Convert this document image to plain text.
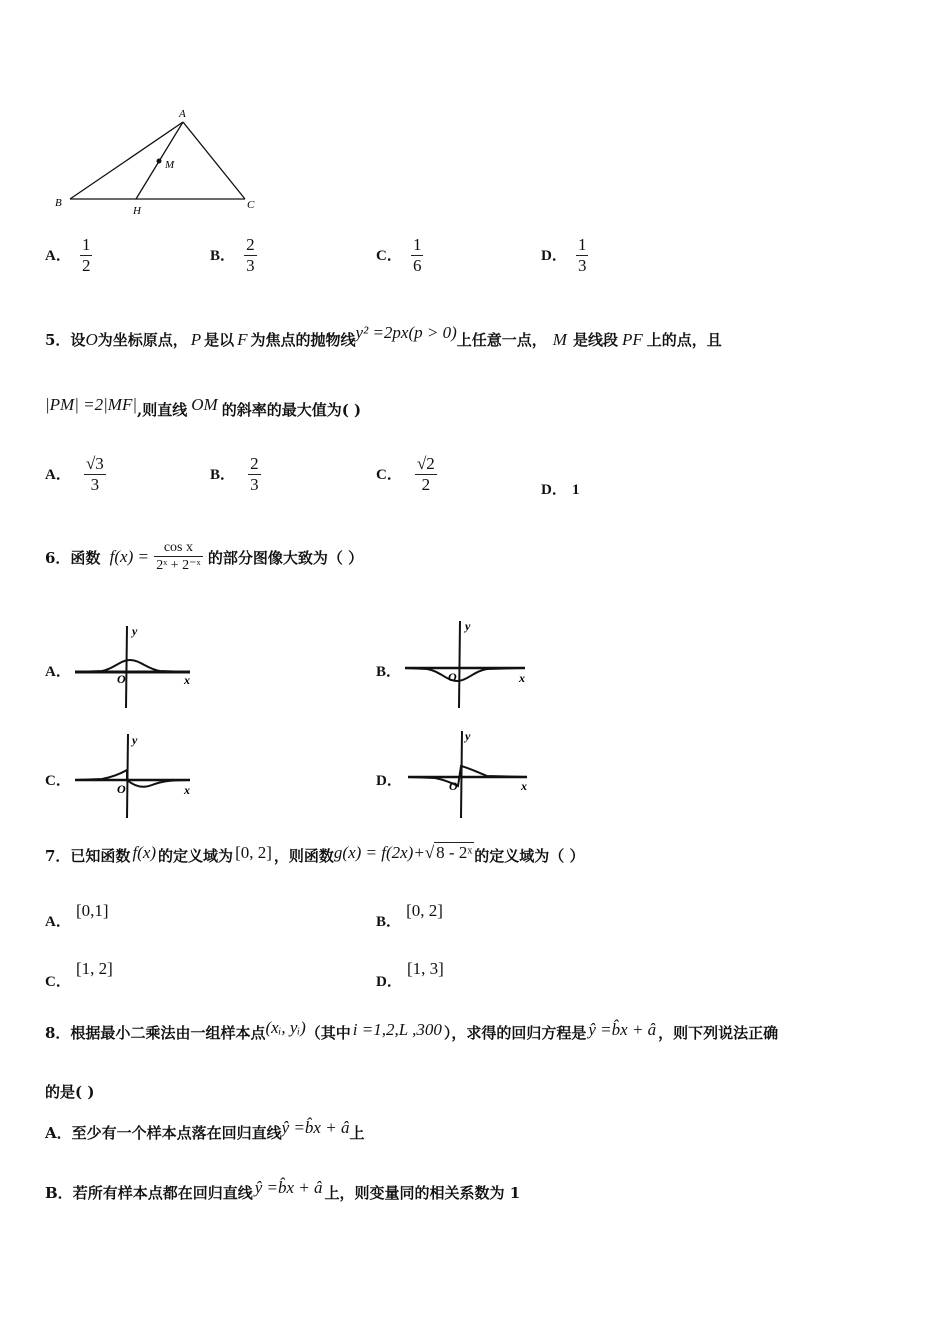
A
B	C
H
M
A． $\frac{1}{2}$	B． $\frac{2}{3}$	C． $\frac{1}{6}$	D． $\frac{1}{3}$
5．设O为坐标原点， P 是以 F 为焦点的抛物线y² =2px(p > 0)上任意一点， M 是线段 PF 上的点，且
|PM| =2|MF|,则直线 OM 的斜率的最大值为( )
A． $\frac{√3}{3}$	B． $\frac{2}{3}$	C． $\frac{√2}{2}$	D． 1
6．函数 $f(x) = \frac{\text{cos x}}{\text{2ˣ + 2⁻ˣ}}$ 的部分图像大致为（ ）
A．
y
x
O	B．
y
x
O
C．
y
x
O	D．
y
x
O
7．已知函数 f(x) 的定义域为 [0, 2] ，则函数g(x) = f(2x)+√ 8 - 2ˣ 的定义域为（ ）
A． [0,1]
B． [0, 2]
C． [1, 2]
D． [1, 3]
8．根据最小二乘法由一组样本点(xᵢ, yᵢ)（其中 i =1,2,L ,300 ），求得的回归方程是 ŷ =b̂x + â ，则下列说法正确
的是( )
A．至少有一个样本点落在回归直线ŷ =b̂x + â上
B．若所有样本点都在回归直线 ŷ =b̂x + â 上，则变量同的相关系数为 1
